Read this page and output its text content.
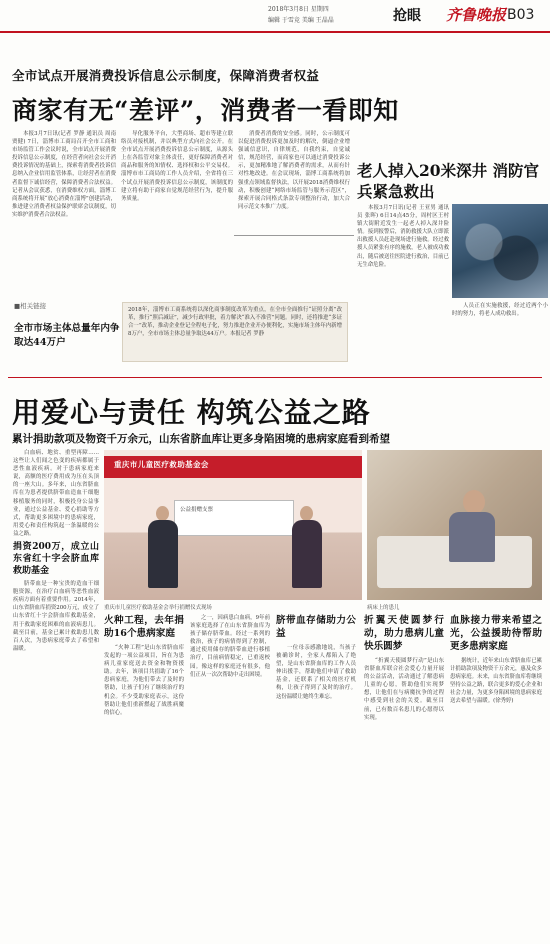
2018年3月8日 星期四
编辑 于雪竞 美编 王晶晶	抢眼 齐鲁晚报 B03
全市试点开展消费投诉信息公示制度，保障消费者权益
商家有无“差评”，消费者一看即知

本报3月7日讯(记者 罗静 通讯员 周南 贾健) 7日，淄博市工商局召开全市工商和市场监管工作会议时说，全市试点开展消费投诉信息公示制度，在经营者向社会公开消费投诉情况的基础上，探索将消费者投诉信息纳入企业信用监管体系，让经营者在消费者监督下诚信经营，保障消费者合法权益。记者从会议获悉，在消费维权方面，淄博工商系统将开展“放心消费在淄博”创建活动，推进建立消费者权益保护联席会议制度，切实维护消费者合法权益。

导化服务平台，大型商场、超市等建立联络员对接机制，并以典型方式向社会公开。在全市试点开展消费投诉信息公示制度，从源头上在各监管对象主体责任，更好保障消费者对商品和服务的知情权、选择权和公平交易权。淄博市市工商局的工作人员介绍，全省将在三个试点开展消费投诉信息公示制度，该制度的建立将有助于商家自觉规范经营行为，提升服务质量。

消费者消费的安全感。同时，公示制度可以促进消费投诉更加及时的解决，倒逼企业增强诚信意识，自律规范，自我约束，自觉诚信，规范经营，而商家也可以通过消费投诉公示，更加精准地了解消费者的需求，从而有针对性地改进。在会议现场，淄博工商系统将加强重点领域监督执法，以开展2018消费维权行动，积极创建“网络市场监管与服务示范区”，探索开展合同格式条款专项整治行动，加大合同示范文本推广力度。

老人掉入20米深井 消防官兵紧急救出

本报3月7日讯(记者 王亚男 通讯员 张晖) 6日14点45分，周村区王村镇大街附近发生一起老人掉入深井险情。接到报警后，消防救援大队立即派出救援人员赶赴现场进行施救。经过救援人员紧张有序的施救，老人被成功救出，随后被送往医院进行救治，目前已无生命危险。

人员正在实施救援，经过近两个小时的努力，将老人成功救出。

■相关链接
全市市场主体总量年内争取达44万户
2018年，淄博市工商系统将以深化商事制度改革为重点，在全市全面推行“证照分离”改革，推行“照后减证”，减少行政审批，着力解决“准入不准营”问题。同时，还将推进“多证合一”改革，推动企业登记全程电子化，努力推进企业开办便利化，实施市场主体年内新增8万户，全市市场主体总量争取达44万户。本报记者 罗静
用爱心与责任 构筑公益之路
累计捐助款项及物资千万余元，山东省脐血库让更多身陷困境的患病家庭看到希望

白血病、地贫、重型再障……这些让人们闻之色变的疾病都属于恶性血液疾病。对于患病家庭来说，高额的医疗费用成为压在头顶的一座大山。多年来，山东省脐血库在为患者提供脐带血造血干细胞移植服务的同时，积极投身公益事业，通过公益基金、爱心捐助等方式，帮助更多困境中的患病家庭，用爱心和责任构筑起一条温暖的公益之路。

捐资200万，成立山东省红十字会脐血库救助基金

脐带血是一种宝贵的造血干细胞资源，在治疗白血病等恶性血液疾病方面有着重要作用。2014年，山东省脐血库捐资200万元，成立了山东省红十字会脐血库救助基金，用于救助家庭困难的血液病患儿。截至目前，基金已累计救助患儿数百人次，为患病家庭带去了希望和温暖。

重庆市儿童医疗救助基金会
公益捐赠支票
重庆市儿童医疗救助基金会举行捐赠仪式现场	病床上的患儿
火种工程，去年捐助16个患病家庭

“火种工程”是山东省脐血库发起的一项公益项目，旨在为患病儿童家庭送去资金和物资援助。去年，该项目共捐助了16个患病家庭，为他们带去了及时的帮助，让孩子们有了继续治疗的机会。不少受助家庭表示，这份帮助让他们重新燃起了战胜病魔的信心。

之一，因病患白血病，9年前该家庭选择了在山东省脐血库为孩子储存脐带血。经过一系列的救治，孩子的病情得到了控制，通过使用储存的脐带血进行移植治疗，目前病情稳定，已重返校园。像这样的家庭还有很多，他们正从一次次帮助中走出困境。

脐带血存储助力公益

一位母亲感激地说，当孩子被确诊时，全家人都陷入了绝望，是山东省脐血库的工作人员伸出援手，帮助他们申请了救助基金，还联系了相关的医疗机构，让孩子得到了及时的治疗。这份温暖让她终生难忘。

折翼天使圆梦行动，助力患病儿童快乐圆梦

“折翼天使圆梦行动”是山东省脐血库联合社会爱心力量开展的公益活动，活动通过了解患病儿童的心愿，帮助他们实现梦想，让他们在与病魔抗争的过程中感受到社会的关爱。截至目前，已有数百名患儿的心愿得以实现。

血脉接力带来希望之光，公益援助待帮助更多患病家庭

据统计，近年来山东省脐血库已累计捐助款项及物资千万余元，惠及众多患病家庭。未来，山东省脐血库将继续坚持公益之路，联合更多的爱心企业和社会力量，为更多身陷困境的患病家庭送去希望与温暖。(徐秀婷)
